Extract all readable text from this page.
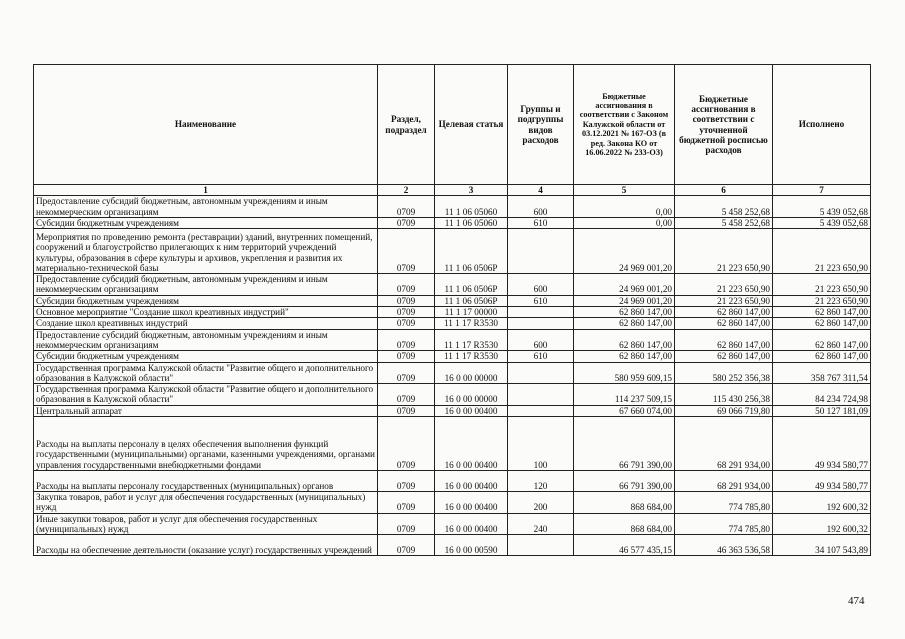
Наименование	Раздел, подраздел	Целевая статья	Группы и подгруппы видов расходов	Бюджетные ассигнования в соответствии с Законом Калужской области от 03.12.2021 № 167-ОЗ (в ред. Закона КО от 16.06.2022 № 233-ОЗ)	Бюджетные ассигнования в соответствии с уточненной бюджетной росписью расходов	Исполнено
1	2	3	4	5	6	7
Предоставление субсидий бюджетным, автономным учреждениям и иным некоммерческим организациям	0709	11 1 06 05060	600	0,00	5 458 252,68	5 439 052,68
Субсидии бюджетным учреждениям	0709	11 1 06 05060	610	0,00	5 458 252,68	5 439 052,68
Мероприятия по проведению ремонта (реставрации) зданий, внутренних помещений, сооружений и благоустройство прилегающих к ним территорий учреждений культуры, образования в сфере культуры и архивов, укрепления и развития их материально-технической базы	0709	11 1 06 0506Р		24 969 001,20	21 223 650,90	21 223 650,90
Предоставление субсидий бюджетным, автономным учреждениям и иным некоммерческим организациям	0709	11 1 06 0506Р	600	24 969 001,20	21 223 650,90	21 223 650,90
Субсидии бюджетным учреждениям	0709	11 1 06 0506Р	610	24 969 001,20	21 223 650,90	21 223 650,90
Основное мероприятие "Создание школ креативных индустрий"	0709	11 1 17 00000		62 860 147,00	62 860 147,00	62 860 147,00
Создание школ креативных индустрий	0709	11 1 17 R3530		62 860 147,00	62 860 147,00	62 860 147,00
Предоставление субсидий бюджетным, автономным учреждениям и иным некоммерческим организациям	0709	11 1 17 R3530	600	62 860 147,00	62 860 147,00	62 860 147,00
Субсидии бюджетным учреждениям	0709	11 1 17 R3530	610	62 860 147,00	62 860 147,00	62 860 147,00
Государственная программа Калужской области "Развитие общего и дополнительного образования в Калужской области"	0709	16 0 00 00000		580 959 609,15	580 252 356,38	358 767 311,54
Государственная программа Калужской области "Развитие общего и дополнительного образования в Калужской области"	0709	16 0 00 00000		114 237 509,15	115 430 256,38	84 234 724,98
Центральный аппарат	0709	16 0 00 00400		67 660 074,00	69 066 719,80	50 127 181,09
Расходы на выплаты персоналу в целях обеспечения выполнения функций государственными (муниципальными) органами, казенными учреждениями, органами управления государственными внебюджетными фондами	0709	16 0 00 00400	100	66 791 390,00	68 291 934,00	49 934 580,77
Расходы на выплаты персоналу государственных (муниципальных) органов	0709	16 0 00 00400	120	66 791 390,00	68 291 934,00	49 934 580,77
Закупка товаров, работ и услуг для обеспечения государственных (муниципальных) нужд	0709	16 0 00 00400	200	868 684,00	774 785,80	192 600,32
Иные закупки товаров, работ и услуг для обеспечения государственных (муниципальных) нужд	0709	16 0 00 00400	240	868 684,00	774 785,80	192 600,32
Расходы на обеспечение деятельности (оказание услуг) государственных учреждений	0709	16 0 00 00590		46 577 435,15	46 363 536,58	34 107 543,89
474
